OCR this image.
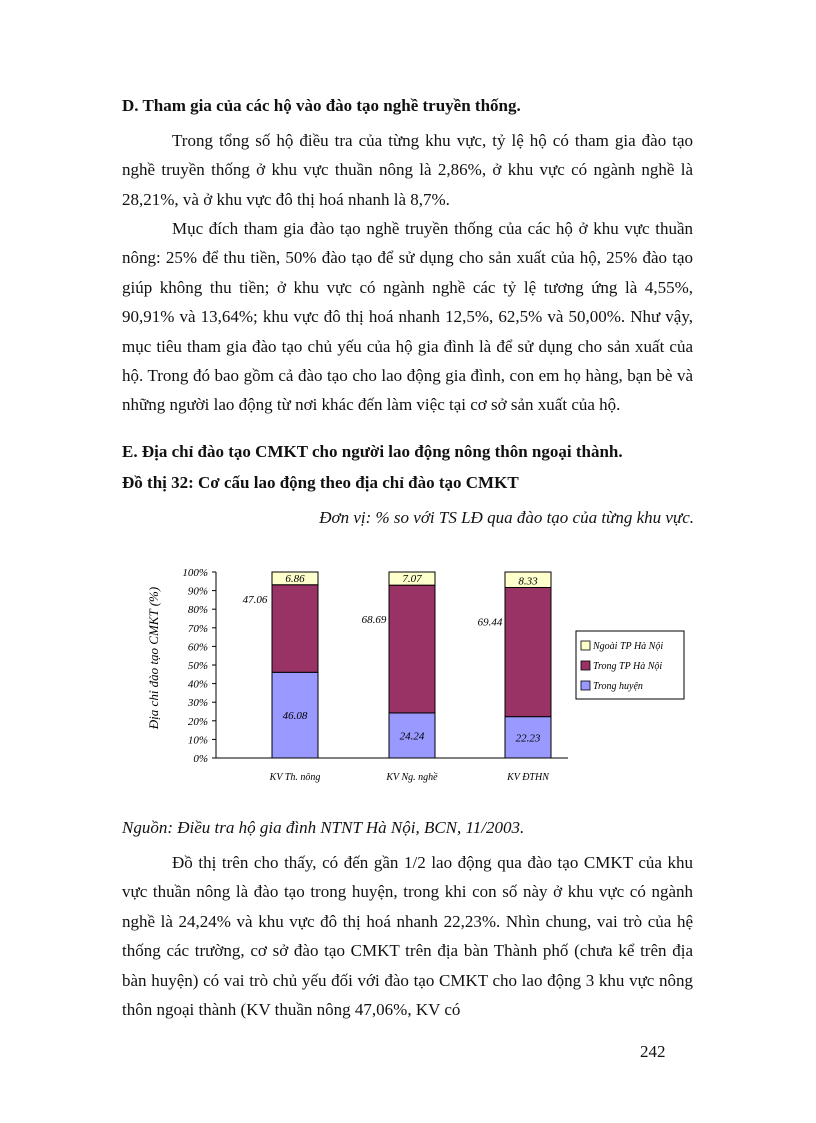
D. Tham gia của các hộ vào đào tạo nghề truyền thống.

Trong tổng số hộ điều tra của từng khu vực, tỷ lệ hộ có tham gia đào tạo nghề truyền thống ở khu vực thuần nông là 2,86%, ở khu vực có ngành nghề là 28,21%, và ở khu vực đô thị hoá nhanh là 8,7%.

Mục đích tham gia đào tạo nghề truyền thống của các hộ ở khu vực thuần nông: 25% để thu tiền, 50% đào tạo để sử dụng cho sản xuất của hộ, 25% đào tạo giúp không thu tiền; ở khu vực có ngành nghề các tỷ lệ tương ứng là 4,55%, 90,91% và 13,64%; khu vực đô thị hoá nhanh 12,5%, 62,5% và 50,00%. Như vậy, mục tiêu tham gia đào tạo chủ yếu của hộ gia đình là để sử dụng cho sản xuất của hộ. Trong đó bao gồm cả đào tạo cho lao động gia đình, con em họ hàng, bạn bè và những người lao động từ nơi khác đến làm việc tại cơ sở sản xuất của hộ.

E. Địa chỉ đào tạo CMKT cho người lao động nông thôn ngoại thành.
Đồ thị 32: Cơ cấu lao động theo địa chỉ đào tạo CMKT
Đơn vị: % so với TS LĐ qua đào tạo của từng khu vực.
Địa chỉ đào tạo CMKT (%)
0%
10%
20%
30%
40%
50%
60%
70%
80%
90%
100%
46.08
47.06
6.86
KV Th. nông
24.24
68.69
7.07
KV Ng. nghề
22.23
69.44
8.33
KV ĐTHN
Ngoài TP Hà Nội
Trong TP Hà Nội
Trong huyện
Nguồn: Điều tra hộ gia đình NTNT Hà Nội, BCN, 11/2003.

Đồ thị trên cho thấy, có đến gần 1/2 lao động qua đào tạo CMKT của khu vực thuần nông là đào tạo trong huyện, trong khi con số này ở khu vực có ngành nghề là 24,24% và khu vực đô thị hoá nhanh 22,23%. Nhìn chung, vai trò của hệ thống các trường, cơ sở đào tạo CMKT trên địa bàn Thành phố (chưa kể trên địa bàn huyện) có vai trò chủ yếu đối với đào tạo CMKT cho lao động 3 khu vực nông thôn ngoại thành (KV thuần nông 47,06%, KV có

242
